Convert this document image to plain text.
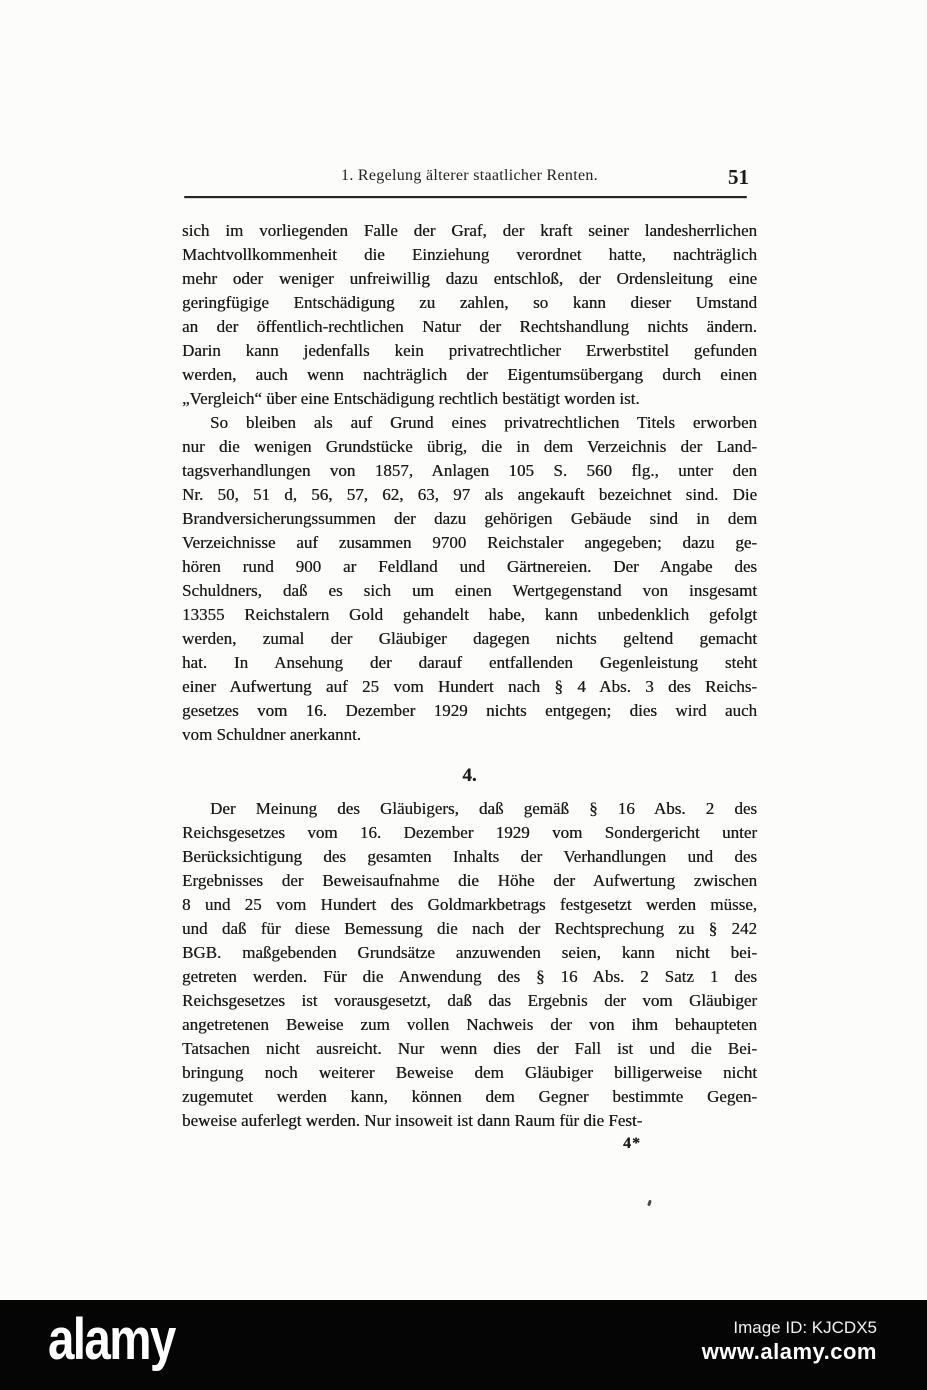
1. Regelung älterer staatlicher Renten.	51
sich im vorliegenden Falle der Graf, der kraft seiner landesherrlichen
Machtvollkommenheit die Einziehung verordnet hatte, nachträglich
mehr oder weniger unfreiwillig dazu entschloß, der Ordensleitung eine
geringfügige Entschädigung zu zahlen, so kann dieser Umstand
an der öffentlich-rechtlichen Natur der Rechtshandlung nichts ändern.
Darin kann jedenfalls kein privatrechtlicher Erwerbstitel gefunden
werden, auch wenn nachträglich der Eigentumsübergang durch einen
„Vergleich“ über eine Entschädigung rechtlich bestätigt worden ist.
So bleiben als auf Grund eines privatrechtlichen Titels erworben
nur die wenigen Grundstücke übrig, die in dem Verzeichnis der Land-
tagsverhandlungen von 1857, Anlagen 105 S. 560 flg., unter den
Nr. 50, 51 d, 56, 57, 62, 63, 97 als angekauft bezeichnet sind. Die
Brandversicherungssummen der dazu gehörigen Gebäude sind in dem
Verzeichnisse auf zusammen 9700 Reichstaler angegeben; dazu ge-
hören rund 900 ar Feldland und Gärtnereien. Der Angabe des
Schuldners, daß es sich um einen Wertgegenstand von insgesamt
13355 Reichstalern Gold gehandelt habe, kann unbedenklich gefolgt
werden, zumal der Gläubiger dagegen nichts geltend gemacht
hat. In Ansehung der darauf entfallenden Gegenleistung steht
einer Aufwertung auf 25 vom Hundert nach § 4 Abs. 3 des Reichs-
gesetzes vom 16. Dezember 1929 nichts entgegen; dies wird auch
vom Schuldner anerkannt.
4.
Der Meinung des Gläubigers, daß gemäß § 16 Abs. 2 des
Reichsgesetzes vom 16. Dezember 1929 vom Sondergericht unter
Berücksichtigung des gesamten Inhalts der Verhandlungen und des
Ergebnisses der Beweisaufnahme die Höhe der Aufwertung zwischen
8 und 25 vom Hundert des Goldmarkbetrags festgesetzt werden müsse,
und daß für diese Bemessung die nach der Rechtsprechung zu § 242
BGB. maßgebenden Grundsätze anzuwenden seien, kann nicht bei-
getreten werden. Für die Anwendung des § 16 Abs. 2 Satz 1 des
Reichsgesetzes ist vorausgesetzt, daß das Ergebnis der vom Gläubiger
angetretenen Beweise zum vollen Nachweis der von ihm behaupteten
Tatsachen nicht ausreicht. Nur wenn dies der Fall ist und die Bei-
bringung noch weiterer Beweise dem Gläubiger billigerweise nicht
zugemutet werden kann, können dem Gegner bestimmte Gegen-
beweise auferlegt werden. Nur insoweit ist dann Raum für die Fest-
4*
alamy	Image ID: KJCDX5
www.alamy.com
